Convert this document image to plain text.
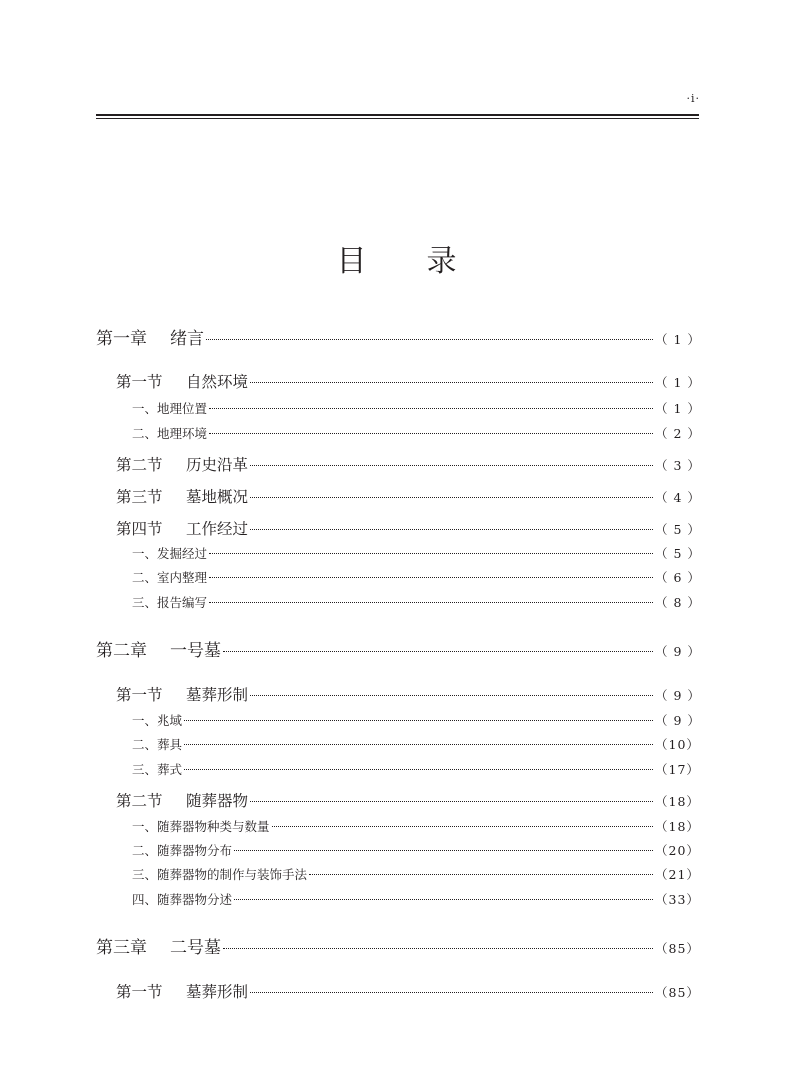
·i·
目 录
第一章 绪言	（ 1 ）
第一节 自然环境	（ 1 ）
一、地理位置	（ 1 ）
二、地理环境	（ 2 ）
第二节 历史沿革	（ 3 ）
第三节 墓地概况	（ 4 ）
第四节 工作经过	（ 5 ）
一、发掘经过	（ 5 ）
二、室内整理	（ 6 ）
三、报告编写	（ 8 ）
第二章 一号墓	（ 9 ）
第一节 墓葬形制	（ 9 ）
一、兆域	（ 9 ）
二、葬具	（10）
三、葬式	（17）
第二节 随葬器物	（18）
一、随葬器物种类与数量	（18）
二、随葬器物分布	（20）
三、随葬器物的制作与装饰手法	（21）
四、随葬器物分述	（33）
第三章 二号墓	（85）
第一节 墓葬形制	（85）
